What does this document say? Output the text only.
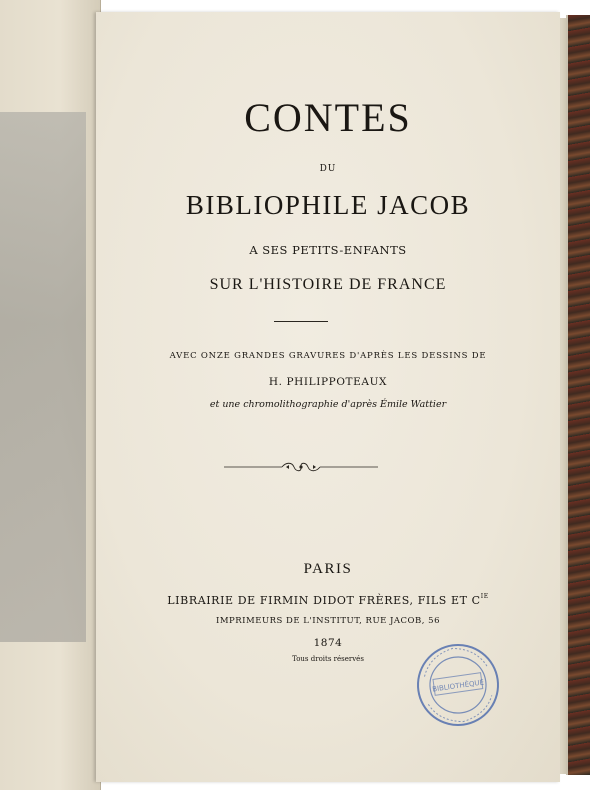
CONTES
DU
BIBLIOPHILE JACOB
A SES PETITS-ENFANTS
SUR L'HISTOIRE DE FRANCE
AVEC ONZE GRANDES GRAVURES D'APRÈS LES DESSINS DE
H. PHILIPPOTEAUX
et une chromolithographie d'après Émile Wattier
PARIS
LIBRAIRIE DE FIRMIN DIDOT FRÈRES, FILS ET $C^{IE}$
IMPRIMEURS DE L'INSTITUT, RUE JACOB, 56
1874
Tous droits réservés
BIBLIOTHÈQUE
